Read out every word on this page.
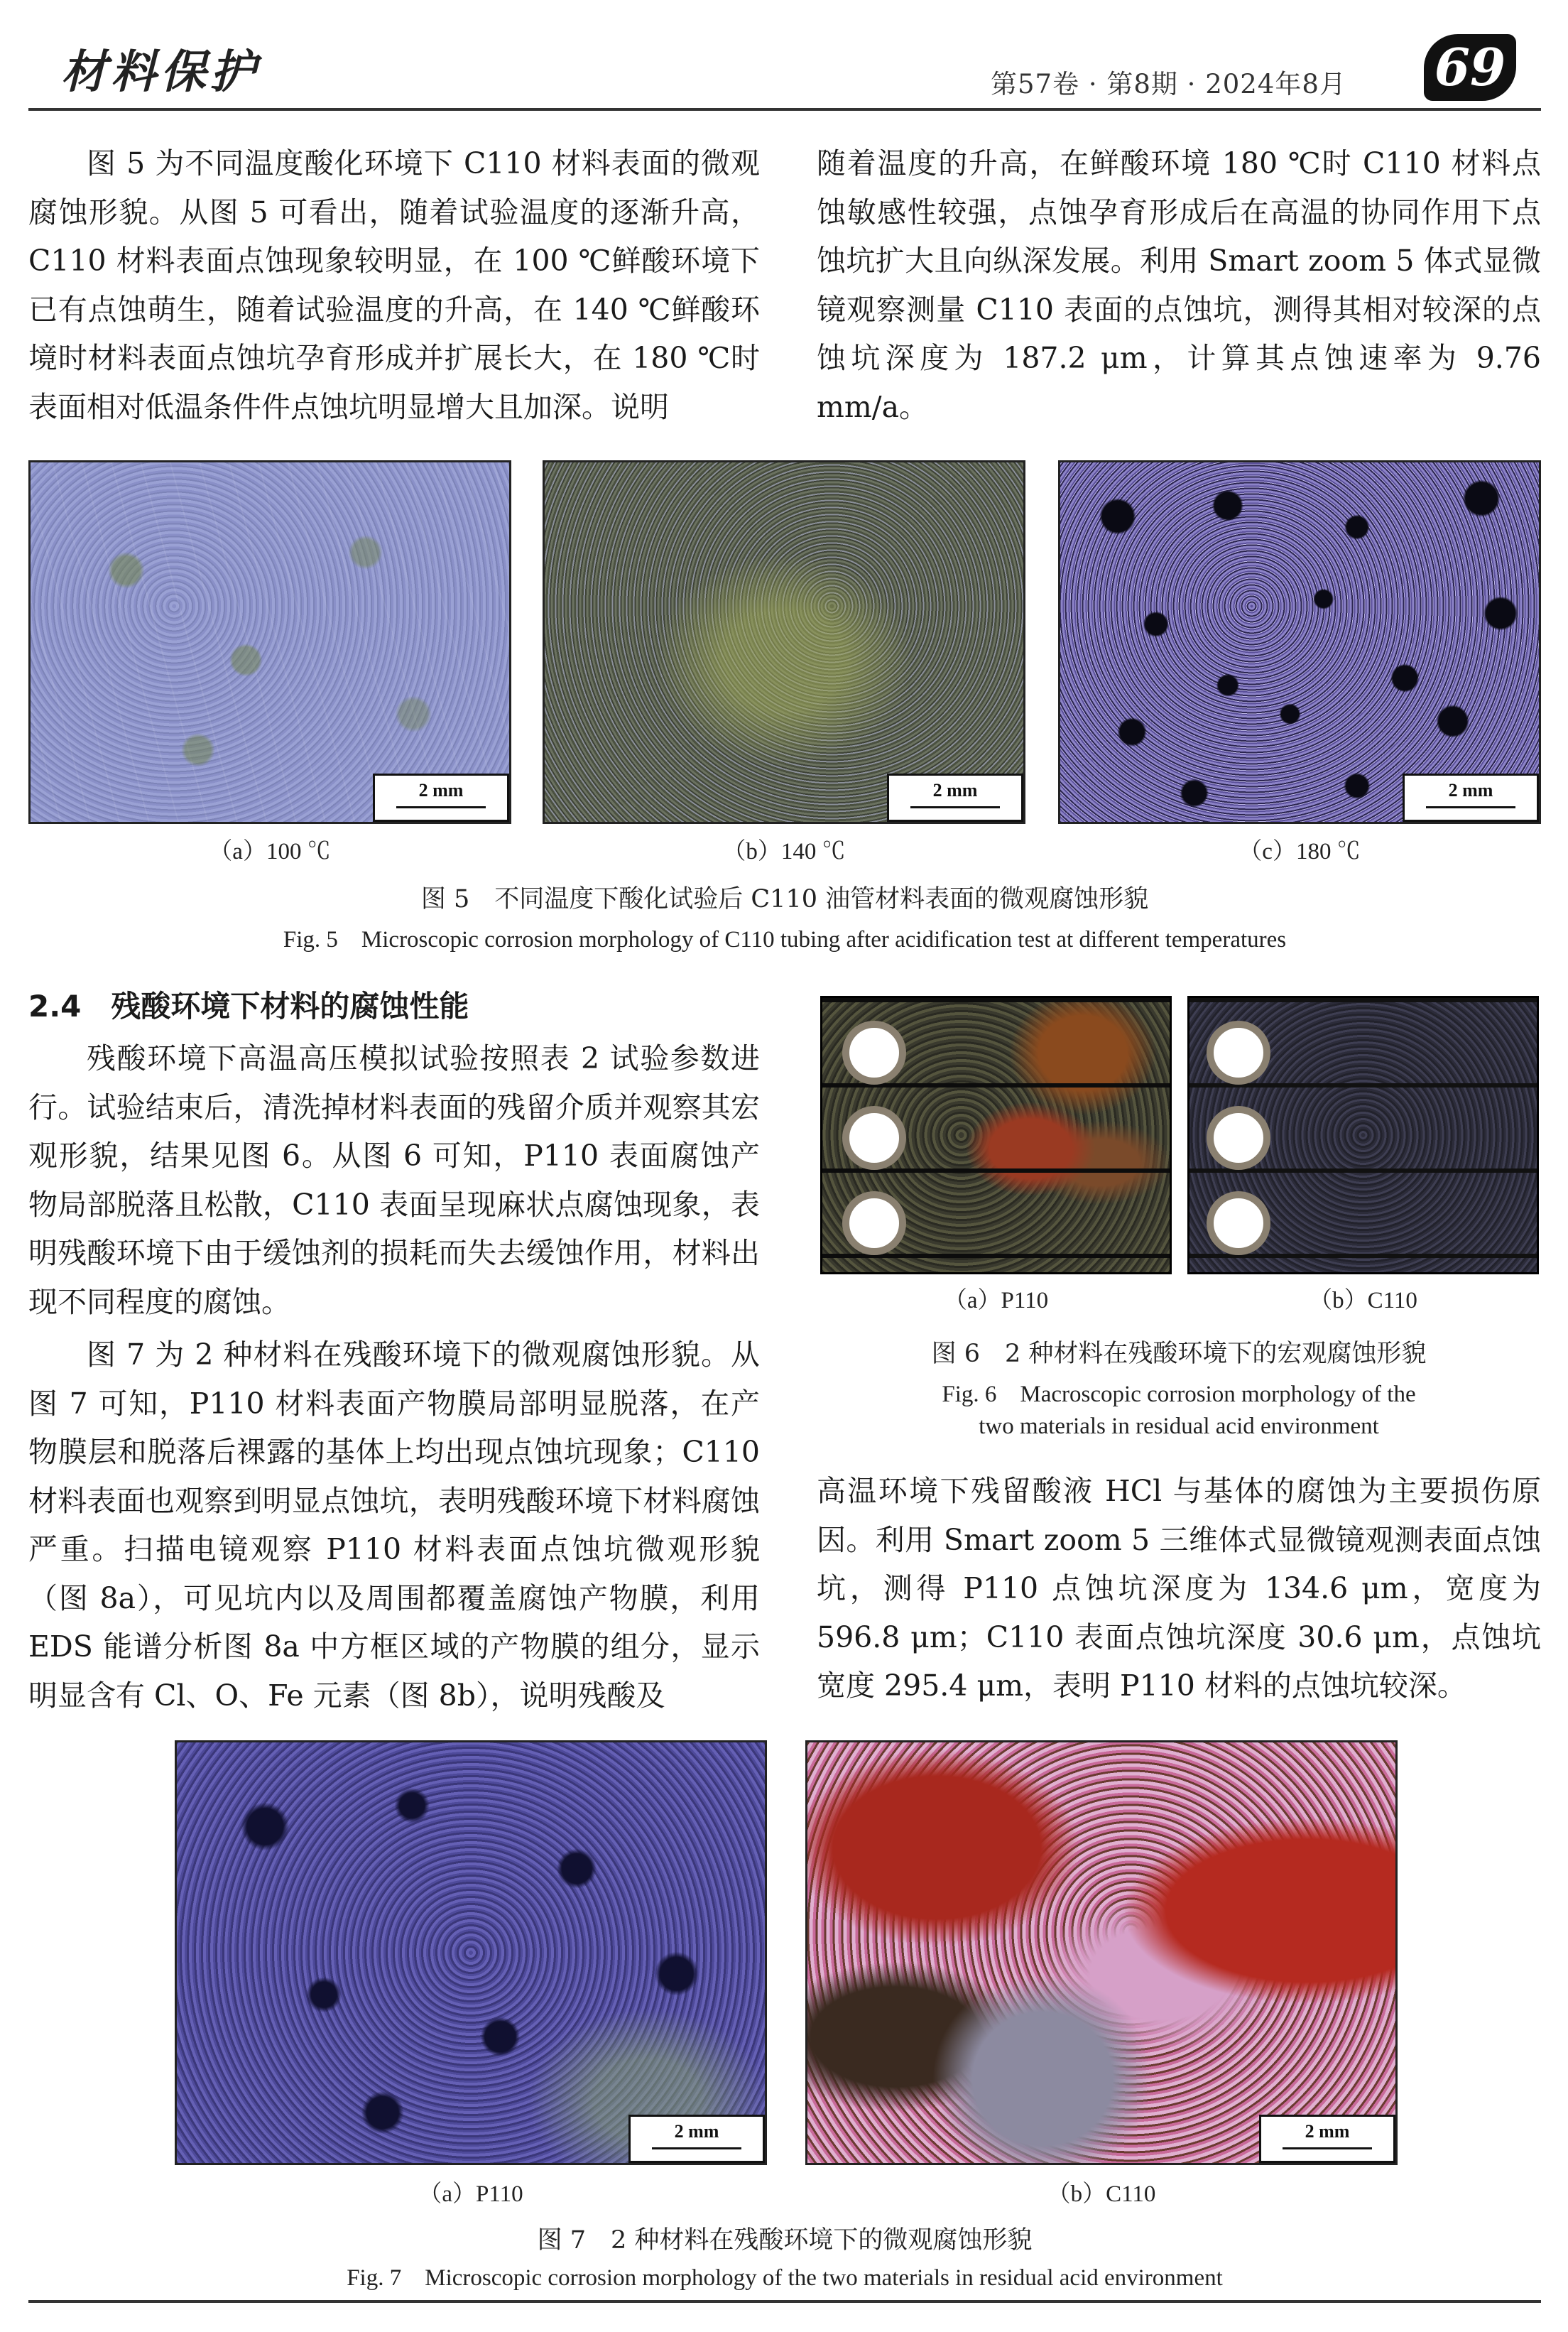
材料保护	第57卷 · 第8期 · 2024年8月 69

图 5 为不同温度酸化环境下 C110 材料表面的微观腐蚀形貌。从图 5 可看出，随着试验温度的逐渐升高，C110 材料表面点蚀现象较明显，在 100 ℃鲜酸环境下已有点蚀萌生，随着试验温度的升高，在 140 ℃鲜酸环境时材料表面点蚀坑孕育形成并扩展长大，在 180 ℃时表面相对低温条件件点蚀坑明显增大且加深。说明

随着温度的升高，在鲜酸环境 180 ℃时 C110 材料点蚀敏感性较强，点蚀孕育形成后在高温的协同作用下点蚀坑扩大且向纵深发展。利用 Smart zoom 5 体式显微镜观察测量 C110 表面的点蚀坑，测得其相对较深的点蚀坑深度为 187.2 μm，计算其点蚀速率为 9.76 mm/a。

2 mm	2 mm	2 mm
（a）100 ℃	（b）140 ℃	（c）180 ℃
图 5　不同温度下酸化试验后 C110 油管材料表面的微观腐蚀形貌
Fig. 5　Microscopic corrosion morphology of C110 tubing after acidification test at different temperatures
2.4　残酸环境下材料的腐蚀性能

残酸环境下高温高压模拟试验按照表 2 试验参数进行。试验结束后，清洗掉材料表面的残留介质并观察其宏观形貌，结果见图 6。从图 6 可知，P110 表面腐蚀产物局部脱落且松散，C110 表面呈现麻状点腐蚀现象，表明残酸环境下由于缓蚀剂的损耗而失去缓蚀作用，材料出现不同程度的腐蚀。

图 7 为 2 种材料在残酸环境下的微观腐蚀形貌。从图 7 可知，P110 材料表面产物膜局部明显脱落，在产物膜层和脱落后裸露的基体上均出现点蚀坑现象；C110 材料表面也观察到明显点蚀坑，表明残酸环境下材料腐蚀严重。扫描电镜观察 P110 材料表面点蚀坑微观形貌（图 8a），可见坑内以及周围都覆盖腐蚀产物膜，利用 EDS 能谱分析图 8a 中方框区域的产物膜的组分，显示明显含有 Cl、O、Fe 元素（图 8b），说明残酸及

（a）P110	（b）C110
图 6　2 种材料在残酸环境下的宏观腐蚀形貌
Fig. 6　Macroscopic corrosion morphology of the
two materials in residual acid environment

高温环境下残留酸液 HCl 与基体的腐蚀为主要损伤原因。利用 Smart zoom 5 三维体式显微镜观测表面点蚀坑，测得 P110 点蚀坑深度为 134.6 μm，宽度为 596.8 μm；C110 表面点蚀坑深度 30.6 μm，点蚀坑宽度 295.4 μm，表明 P110 材料的点蚀坑较深。

2 mm	2 mm
（a）P110	（b）C110
图 7　2 种材料在残酸环境下的微观腐蚀形貌
Fig. 7　Microscopic corrosion morphology of the two materials in residual acid environment
